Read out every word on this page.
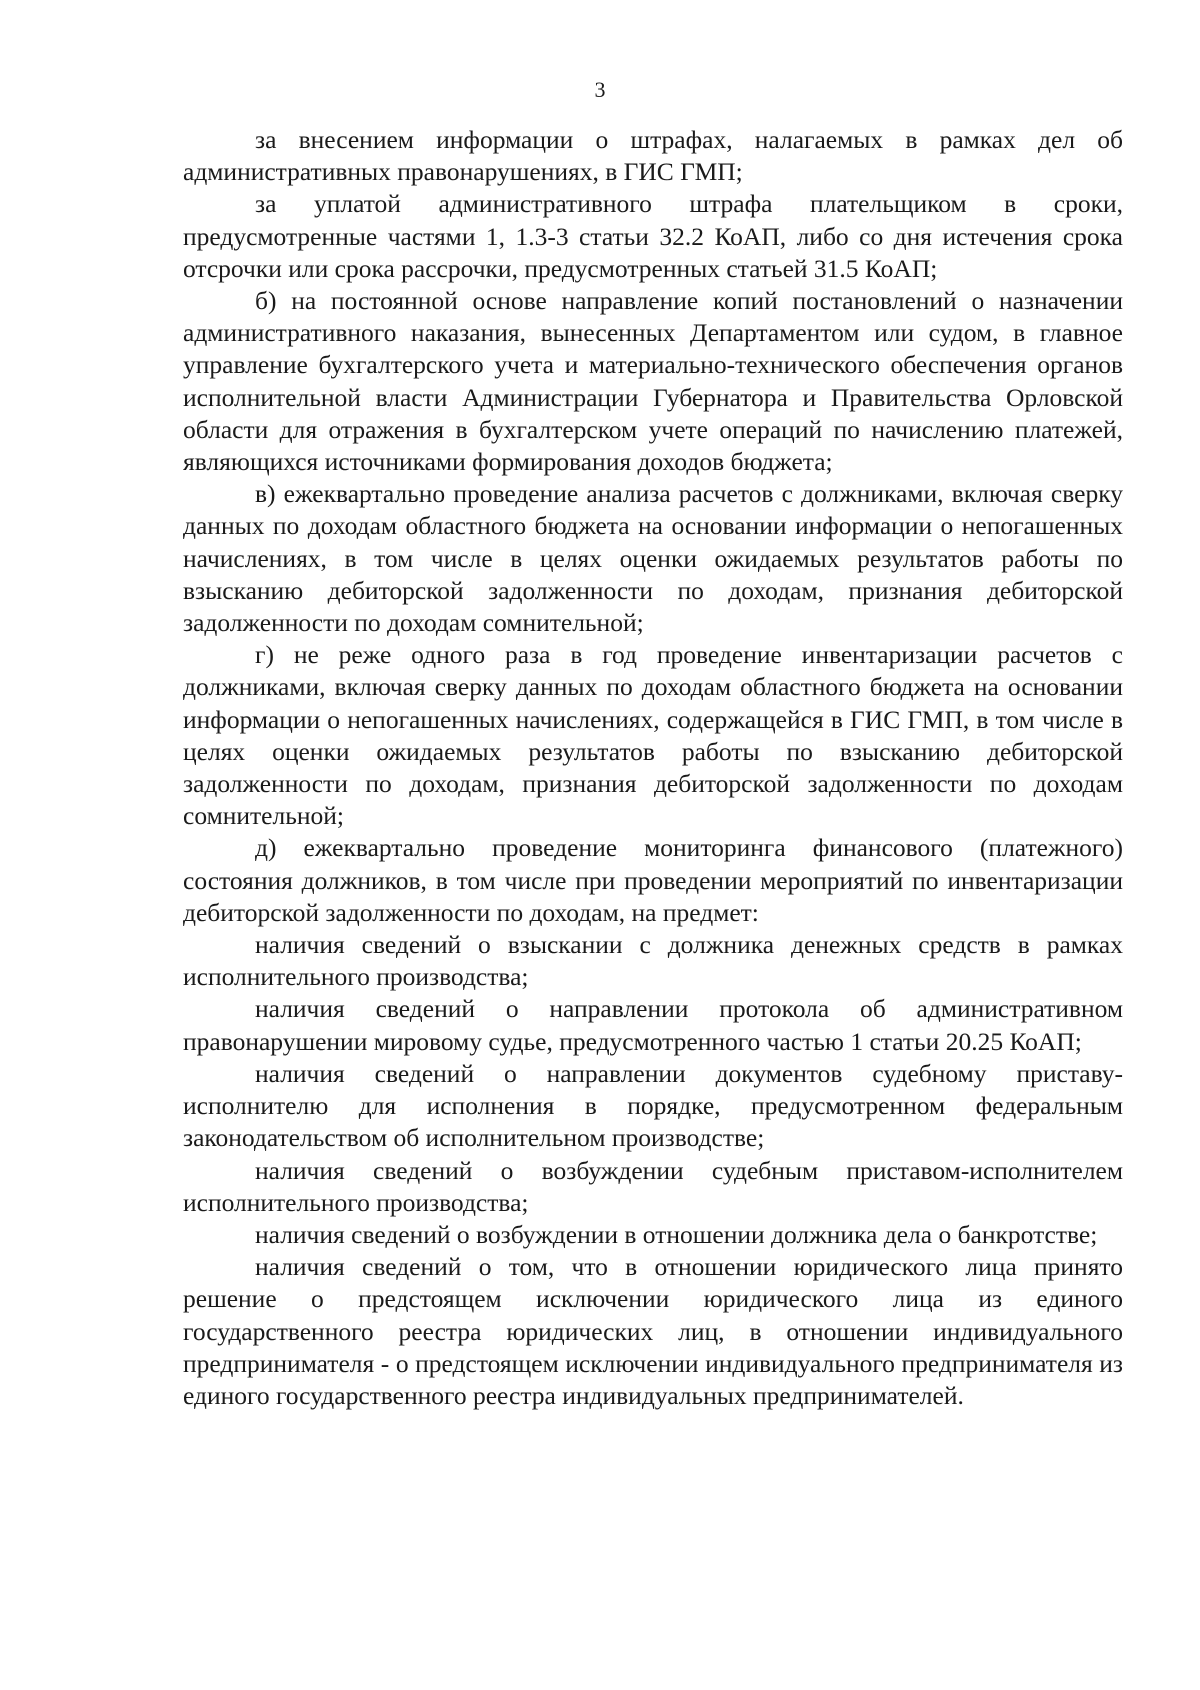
3

за внесением информации о штрафах, налагаемых в рамках дел об административных правонарушениях, в ГИС ГМП;

за уплатой административного штрафа плательщиком в сроки, предусмотренные частями 1, 1.3-3 статьи 32.2 КоАП, либо со дня истечения срока отсрочки или срока рассрочки, предусмотренных статьей 31.5 КоАП;

б) на постоянной основе направление копий постановлений о назначении административного наказания, вынесенных Департаментом или судом, в главное управление бухгалтерского учета и материально-технического обеспечения органов исполнительной власти Администрации Губернатора и Правительства Орловской области для отражения в бухгалтерском учете операций по начислению платежей, являющихся источниками формирования доходов бюджета;

в) ежеквартально проведение анализа расчетов с должниками, включая сверку данных по доходам областного бюджета на основании информации о непогашенных начислениях, в том числе в целях оценки ожидаемых результатов работы по взысканию дебиторской задолженности по доходам, признания дебиторской задолженности по доходам сомнительной;

г) не реже одного раза в год проведение инвентаризации расчетов с должниками, включая сверку данных по доходам областного бюджета на основании информации о непогашенных начислениях, содержащейся в ГИС ГМП, в том числе в целях оценки ожидаемых результатов работы по взысканию дебиторской задолженности по доходам, признания дебиторской задолженности по доходам сомнительной;

д) ежеквартально проведение мониторинга финансового (платежного) состояния должников, в том числе при проведении мероприятий по инвентаризации дебиторской задолженности по доходам, на предмет:

наличия сведений о взыскании с должника денежных средств в рамках исполнительного производства;

наличия сведений о направлении протокола об административном правонарушении мировому судье, предусмотренного частью 1 статьи 20.25 КоАП;

наличия сведений о направлении документов судебному приставу-исполнителю для исполнения в порядке, предусмотренном федеральным законодательством об исполнительном производстве;

наличия сведений о возбуждении судебным приставом-исполнителем исполнительного производства;

наличия сведений о возбуждении в отношении должника дела о банкротстве;

наличия сведений о том, что в отношении юридического лица принято решение о предстоящем исключении юридического лица из единого государственного реестра юридических лиц, в отношении индивидуального предпринимателя - о предстоящем исключении индивидуального предпринимателя из единого государственного реестра индивидуальных предпринимателей.
